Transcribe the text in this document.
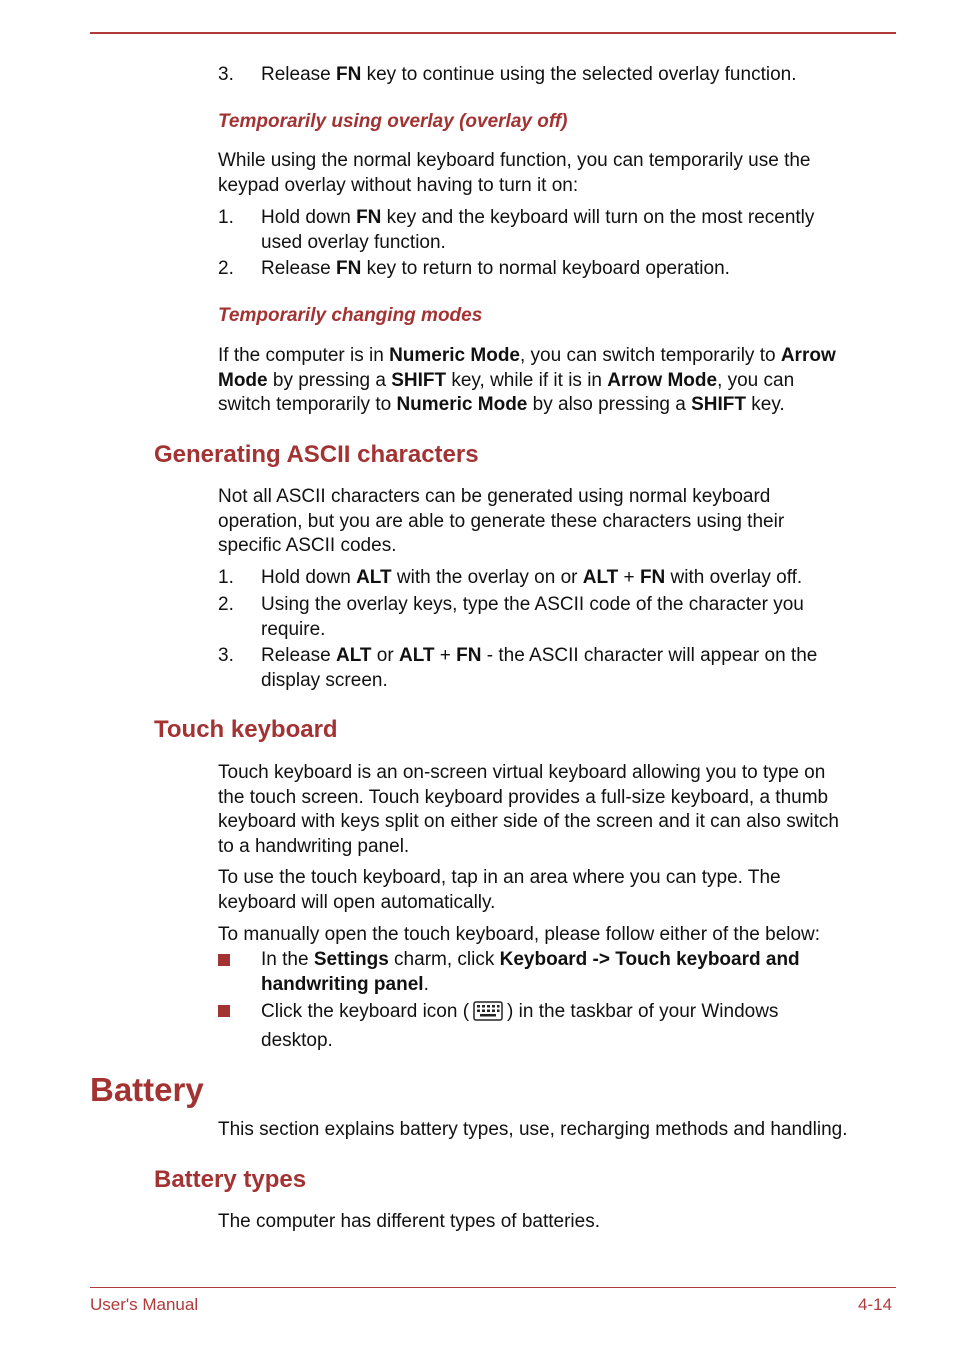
3. Release FN key to continue using the selected overlay function.
Temporarily using overlay (overlay off)
While using the normal keyboard function, you can temporarily use the
keypad overlay without having to turn it on:
1. Hold down FN key and the keyboard will turn on the most recently
used overlay function.
2. Release FN key to return to normal keyboard operation.
Temporarily changing modes
If the computer is in Numeric Mode, you can switch temporarily to Arrow
Mode by pressing a SHIFT key, while if it is in Arrow Mode, you can
switch temporarily to Numeric Mode by also pressing a SHIFT key.
Generating ASCII characters
Not all ASCII characters can be generated using normal keyboard
operation, but you are able to generate these characters using their
specific ASCII codes.
1. Hold down ALT with the overlay on or ALT + FN with overlay off.
2. Using the overlay keys, type the ASCII code of the character you
require.
3. Release ALT or ALT + FN - the ASCII character will appear on the
display screen.
Touch keyboard
Touch keyboard is an on-screen virtual keyboard allowing you to type on
the touch screen. Touch keyboard provides a full-size keyboard, a thumb
keyboard with keys split on either side of the screen and it can also switch
to a handwriting panel.
To use the touch keyboard, tap in an area where you can type. The
keyboard will open automatically.
To manually open the touch keyboard, please follow either of the below:
In the Settings charm, click Keyboard -> Touch keyboard and
handwriting panel.
Click the keyboard icon ( ) in the taskbar of your Windows
desktop.
Battery
This section explains battery types, use, recharging methods and handling.
Battery types
The computer has different types of batteries.
User's Manual	4-14
